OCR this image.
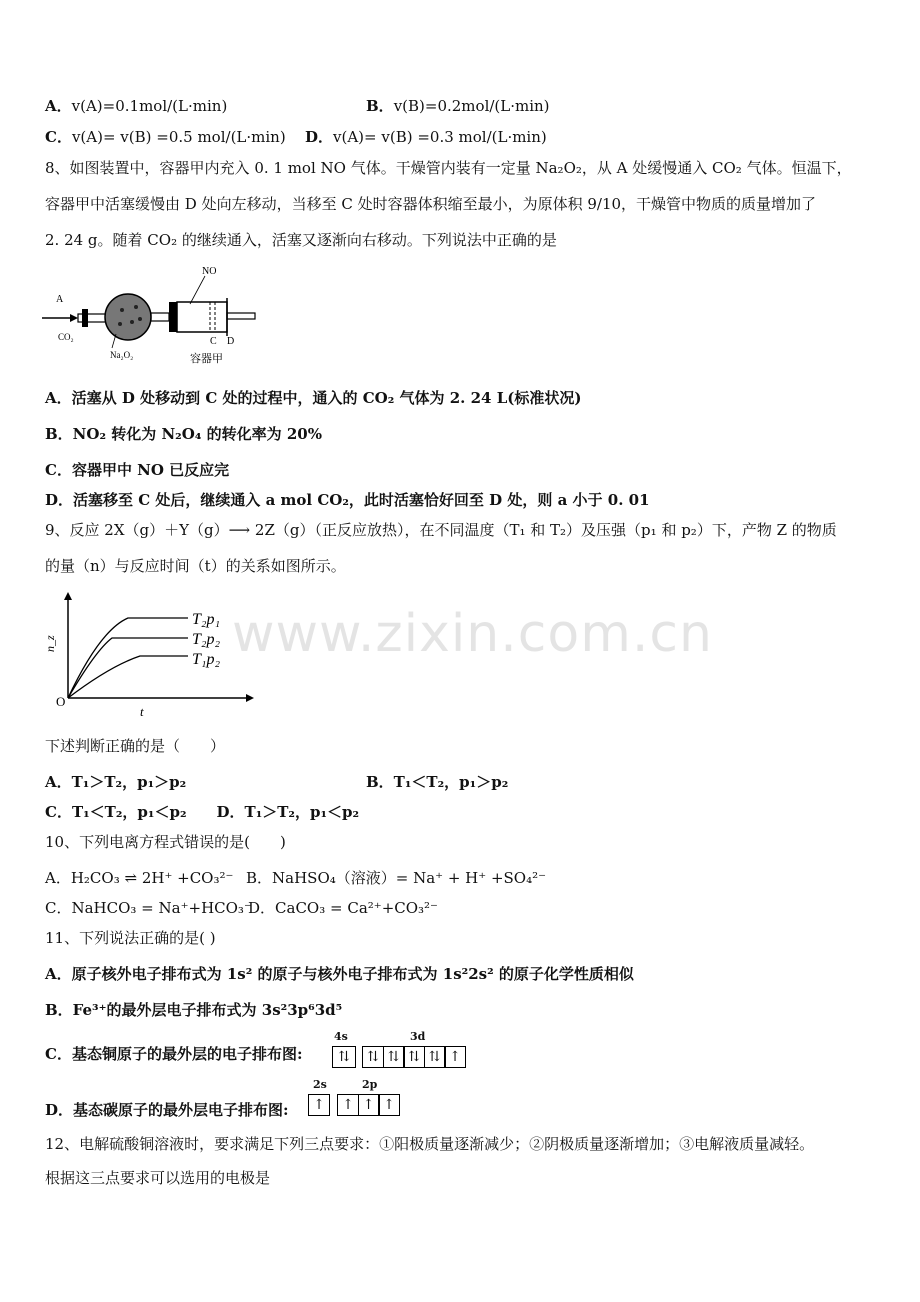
www.zixin.com.cn
A．v(A)=0.1mol/(L·min)	B．v(B)=0.2mol/(L·min)
C．v(A)= v(B) =0.5 mol/(L·min) D．v(A)= v(B) =0.3 mol/(L·min)
8、如图装置中，容器甲内充入 0. 1 mol NO 气体。干燥管内装有一定量 Na₂O₂，从 A 处缓慢通入 CO₂ 气体。恒温下，
容器甲中活塞缓慢由 D 处向左移动，当移至 C 处时容器体积缩至最小，为原体积 9/10，干燥管中物质的质量增加了
2. 24 g。随着 CO₂ 的继续通入，活塞又逐渐向右移动。下列说法中正确的是
A
CO₂
Na₂O₂
NO
C D
容器甲
A．活塞从 D 处移动到 C 处的过程中，通入的 CO₂ 气体为 2. 24 L(标准状况)
B．NO₂ 转化为 N₂O₄ 的转化率为 20%
C．容器甲中 NO 已反应完
D．活塞移至 C 处后，继续通入 a mol CO₂，此时活塞恰好回至 D 处，则 a 小于 0. 01
9、反应 2X（g）＋Y（g）⟶ 2Z（g）（正反应放热），在不同温度（T₁ 和 T₂）及压强（p₁ 和 p₂）下，产物 Z 的物质
的量（n）与反应时间（t）的关系如图所示。
n_z
t
O
T₂p₁
T₂p₂
T₁p₂
下述判断正确的是（　　）
A．T₁＞T₂，p₁＞p₂	B．T₁＜T₂，p₁＞p₂
C．T₁＜T₂，p₁＜p₂　　D．T₁＞T₂，p₁＜p₂
10、下列电离方程式错误的是(　　)
A．H₂CO₃ ⇌ 2H⁺ +CO₃²⁻ B．NaHSO₄（溶液）= Na⁺ + H⁺ +SO₄²⁻
C．NaHCO₃ = Na⁺+HCO₃⁻
D．CaCO₃ = Ca²⁺+CO₃²⁻
11、下列说法正确的是( )
A．原子核外电子排布式为 1s² 的原子与核外电子排布式为 1s²2s² 的原子化学性质相似
B．Fe³⁺的最外层电子排布式为 3s²3p⁶3d⁵
C．基态铜原子的最外层的电子排布图:
4s	3d
⇅	⇅ ⇅ ⇅ ⇅ ↑
D．基态碳原子的最外层电子排布图:
2s	2p
↑	↑ ↑ ↑
12、电解硫酸铜溶液时，要求满足下列三点要求：①阳极质量逐渐减少；②阴极质量逐渐增加；③电解液质量减轻。
根据这三点要求可以选用的电极是
